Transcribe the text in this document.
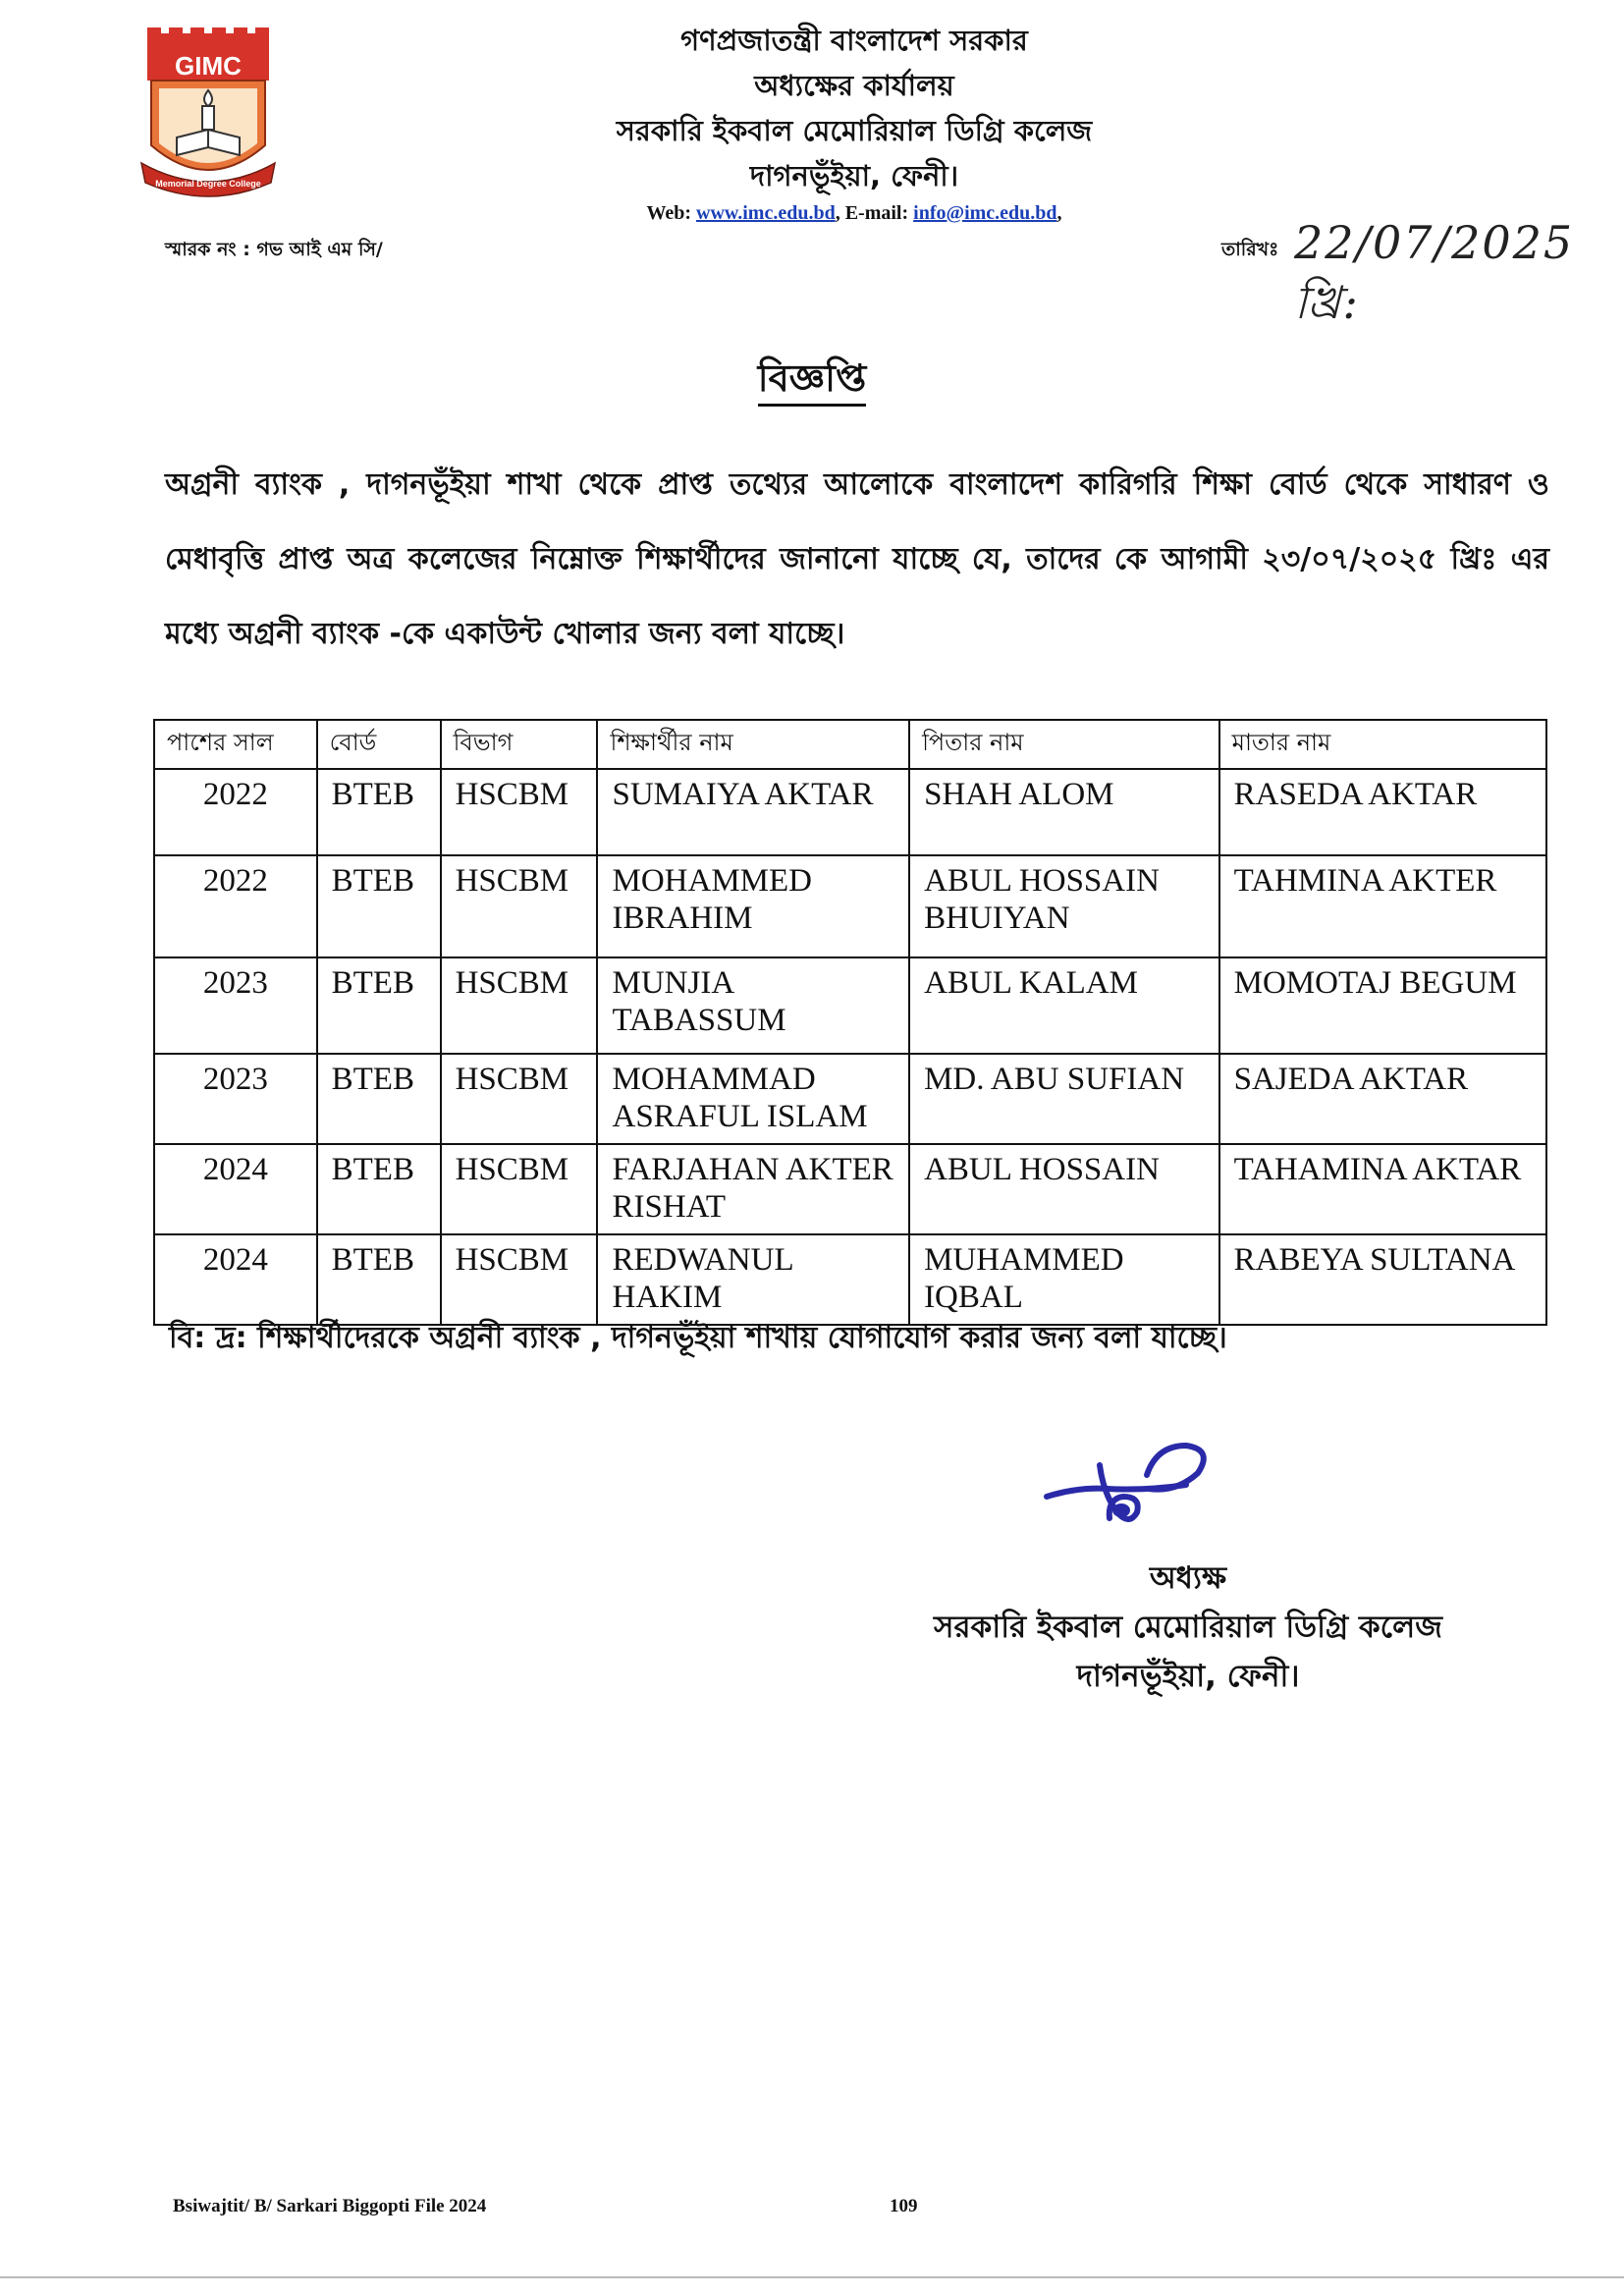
GIMC
Memorial Degree College
গণপ্রজাতন্ত্রী বাংলাদেশ সরকার
অধ্যক্ষের কার্যালয়
সরকারি ইকবাল মেমোরিয়াল ডিগ্রি কলেজ
দাগনভূঁইয়া, ফেনী।
Web: www.imc.edu.bd, E-mail: info@imc.edu.bd,
স্মারক নং : গভ আই এম সি/	তারিখঃ 22/07/2025 খ্রি:
বিজ্ঞপ্তি
অগ্রনী ব্যাংক , দাগনভূঁইয়া শাখা থেকে প্রাপ্ত তথ্যের আলোকে বাংলাদেশ কারিগরি শিক্ষা বোর্ড থেকে সাধারণ ও মেধাবৃত্তি প্রাপ্ত অত্র কলেজের নিম্নোক্ত শিক্ষার্থীদের জানানো যাচ্ছে যে, তাদের কে আগামী ২৩/০৭/২০২৫ খ্রিঃ এর মধ্যে অগ্রনী ব্যাংক -কে একাউন্ট খোলার জন্য বলা যাচ্ছে।
পাশের সাল	বোর্ড	বিভাগ	শিক্ষার্থীর নাম	পিতার নাম	মাতার নাম
2022	BTEB	HSCBM	SUMAIYA AKTAR	SHAH ALOM	RASEDA AKTAR
2022	BTEB	HSCBM	MOHAMMED IBRAHIM	ABUL HOSSAIN BHUIYAN	TAHMINA AKTER
2023	BTEB	HSCBM	MUNJIA TABASSUM	ABUL KALAM	MOMOTAJ BEGUM
2023	BTEB	HSCBM	MOHAMMAD ASRAFUL ISLAM	MD. ABU SUFIAN	SAJEDA AKTAR
2024	BTEB	HSCBM	FARJAHAN AKTER RISHAT	ABUL HOSSAIN	TAHAMINA AKTAR
2024	BTEB	HSCBM	REDWANUL HAKIM	MUHAMMED IQBAL	RABEYA SULTANA
বি: দ্র: শিক্ষার্থীদেরকে অগ্রনী ব্যাংক , দাগনভূঁইয়া শাখায় যোগাযোগ করার জন্য বলা যাচ্ছে।
অধ্যক্ষ
সরকারি ইকবাল মেমোরিয়াল ডিগ্রি কলেজ
দাগনভূঁইয়া, ফেনী।
Bsiwajtit/ B/ Sarkari Biggopti File 2024	109
